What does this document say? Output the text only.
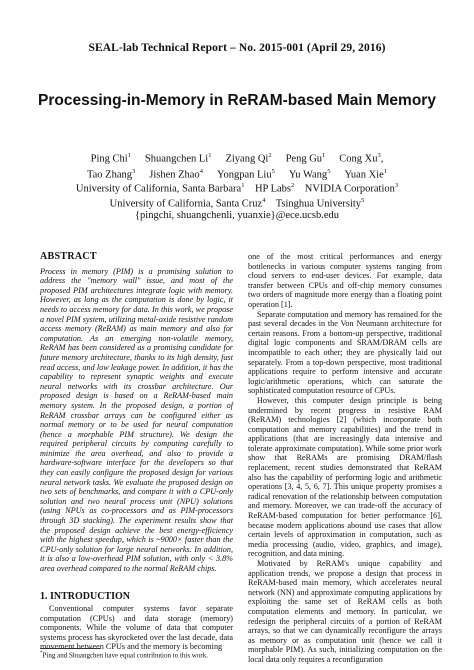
SEAL-lab Technical Report – No. 2015-001 (April 29, 2016)
Processing-in-Memory in ReRAM-based Main Memory
Ping Chi$^1$ Shuangchen Li$^1$ Ziyang Qi$^2$ Peng Gu$^1$ Cong Xu$^3$,
Tao Zhang$^3$ Jishen Zhao$^4$ Yongpan Liu$^5$ Yu Wang$^5$ Yuan Xie$^1$
University of California, Santa Barbara$^1$ HP Labs$^2$ NVIDIA Corporation$^3$
University of California, Santa Cruz$^4$ Tsinghua University$^5$
{pingchi, shuangchenli, yuanxie}@ece.ucsb.edu
ABSTRACT

Process in memory (PIM) is a promising solution to address the "memory wall" issue, and most of the proposed PIM architectures integrate logic with memory. However, as long as the computation is done by logic, it needs to access memory for data. In this work, we propose a novel PIM system, utilizing metal-oxide resistive random access memory (ReRAM) as main memory and also for computation. As an emerging non-volatile memory, ReRAM has been considered as a promising candidate for future memory architecture, thanks to its high density, fast read access, and low leakage power. In addition, it has the capability to represent synaptic weights and execute neural networks with its crossbar architecture. Our proposed design is based on a ReRAM-based main memory system. In the proposed design, a portion of ReRAM crossbar arrays can be configured either as normal memory or to be used for neural computation (hence a morphable PIM structure). We design the required peripheral circuits by computing carefully to minimize the area overhead, and also to provide a hardware-software interface for the developers so that they can easily configure the proposed design for various neural network tasks. We evaluate the proposed design on two sets of benchmarks, and compare it with a CPU-only solution and two neural process unit (NPU) solutions (using NPUs as co-processors and as PIM-processors through 3D stacking). The experiment results show that the proposed design achieve the best energy-efficiency with the highest speedup, which is ~9000× faster than the CPU-only solution for large neural networks. In addition, it is also a low-overhead PIM solution, with only < 3.8% area overhead compared to the normal ReRAM chips.

1. INTRODUCTION

Conventional computer systems favor separate computation (CPUs) and data storage (memory) components. While the volume of data that computer systems process has skyrocketed over the last decade, data movement between CPUs and the memory is becoming

*Ping and Shuangchen have equal contribution to this work.

one of the most critical performances and energy bottlenecks in various computer systems ranging from cloud servers to end-user devices. For example, data transfer between CPUs and off-chip memory consumes two orders of magnitude more energy than a floating point operation [1].

Separate computation and memory has remained for the past several decades in the Von Neumann architecture for certain reasons. From a bottom-up perspective, traditional digital logic components and SRAM/DRAM cells are incompatible to each other; they are physically laid out separately. From a top-down perspective, most traditional applications require to perform intensive and accurate logic/arithmetic operations, which can saturate the sophisticated computation resource of CPUs.

However, this computer design principle is being undermined by recent progress in resistive RAM (ReRAM) technologies [2] (which incorporate both computation and memory capabilities) and the trend in applications (that are increasingly data intensive and tolerate approximate computation). While some prior work show that ReRAMs are promising DRAM/flash replacement, recent studies demonstrated that ReRAM also has the capability of performing logic and arithmetic operations [3, 4, 5, 6, 7]. This unique property promises a radical renovation of the relationship between computation and memory. Moreover, we can trade-off the accuracy of ReRAM-based computation for better performance [6], because modern applications abound use cases that allow certain levels of approximation in computation, such as media processing (audio, video, graphics, and image), recognition, and data mining.

Motivated by ReRAM's unique capability and application trends, we propose a design that process in ReRAM-based main memory, which accelerates neural network (NN) and approximate computing applications by exploiting the same set of ReRAM cells as both computation elements and memory. In particular, we redesign the peripheral circuits of a portion of ReRAM arrays, so that we can dynamically reconfigure the arrays as memory or as computation unit (hence we call it morphable PIM). As such, initializing computation on the local data only requires a reconfiguration
